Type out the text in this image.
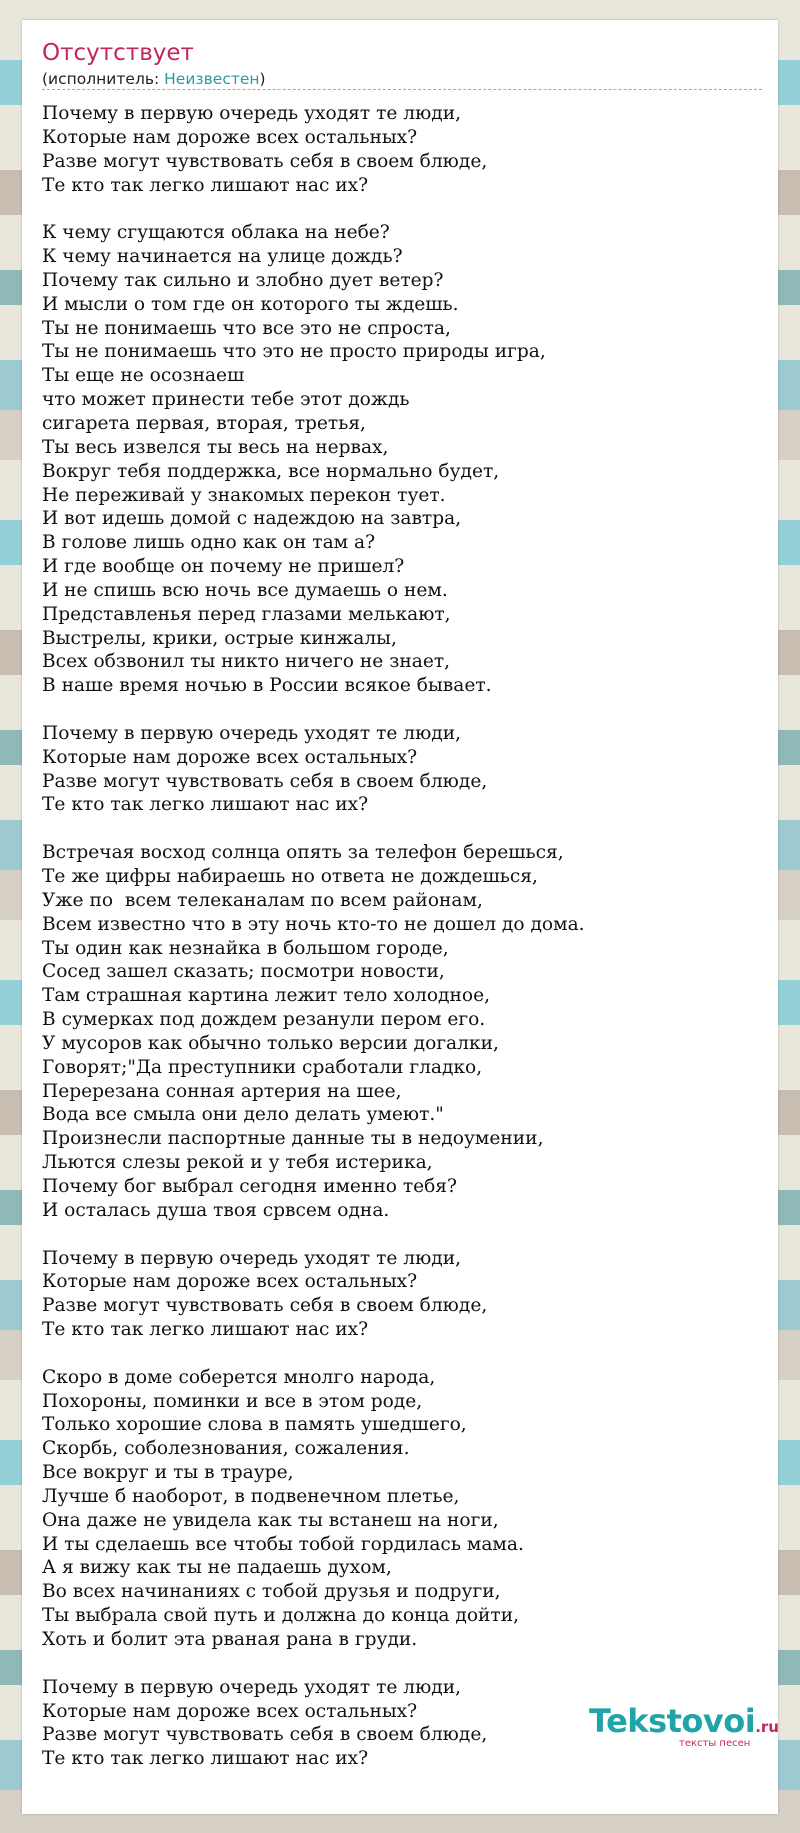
Отсутствует
(исполнитель: Неизвестен)
Почему в первую очередь уходят те люди,
Которые нам дороже всех остальных?
Разве могут чувствовать себя в своем блюде,
Те кто так легко лишают нас их?
К чему сгущаются облака на небе?
К чему начинается на улице дождь?
Почему так сильно и злобно дует ветер?
И мысли о том где он которого ты ждешь.
Ты не понимаешь что все это не спроста,
Ты не понимаешь что это не просто природы игра,
Ты еще не осознаеш
что может принести тебе этот дождь
сигарета первая, вторая, третья,
Ты весь извелся ты весь на нервах,
Вокруг тебя поддержка, все нормально будет,
Не переживай у знакомых перекон тует.
И вот идешь домой с надеждою на завтра,
В голове лишь одно как он там а?
И где вообще он почему не пришел?
И не спишь всю ночь все думаешь о нем.
Представленья перед глазами мелькают,
Выстрелы, крики, острые кинжалы,
Всех обзвонил ты никто ничего не знает,
В наше время ночью в России всякое бывает.
Почему в первую очередь уходят те люди,
Которые нам дороже всех остальных?
Разве могут чувствовать себя в своем блюде,
Те кто так легко лишают нас их?
Встречая восход солнца опять за телефон берешься,
Те же цифры набираешь но ответа не дождешься,
Уже по  всем телеканалам по всем районам,
Всем известно что в эту ночь кто-то не дошел до дома.
Ты один как незнайка в большом городе,
Сосед зашел сказать; посмотри новости,
Там страшная картина лежит тело холодное,
В сумерках под дождем резанули пером его.
У мусоров как обычно только версии догалки,
Говорят;"Да преступники сработали гладко,
Перерезана сонная артерия на шее,
Вода все смыла они дело делать умеют."
Произнесли паспортные данные ты в недоумении,
Льются слезы рекой и у тебя истерика,
Почему бог выбрал сегодня именно тебя?
И осталась душа твоя срвсем одна.
Почему в первую очередь уходят те люди,
Которые нам дороже всех остальных?
Разве могут чувствовать себя в своем блюде,
Те кто так легко лишают нас их?
Скоро в доме соберется мнолго народа,
Похороны, поминки и все в этом роде,
Только хорошие слова в память ушедшего,
Скорбь, соболезнования, сожаления.
Все вокруг и ты в трауре,
Лучше б наоборот, в подвенечном плетье,
Она даже не увидела как ты встанеш на ноги,
И ты сделаешь все чтобы тобой гордилась мама.
А я вижу как ты не падаешь духом,
Во всех начинаниях с тобой друзья и подруги,
Ты выбрала свой путь и должна до конца дойти,
Хоть и болит эта рваная рана в груди.
Почему в первую очередь уходят те люди,
Которые нам дороже всех остальных?
Разве могут чувствовать себя в своем блюде,
Те кто так легко лишают нас их?
Tekstovoi.ru
тексты песен
